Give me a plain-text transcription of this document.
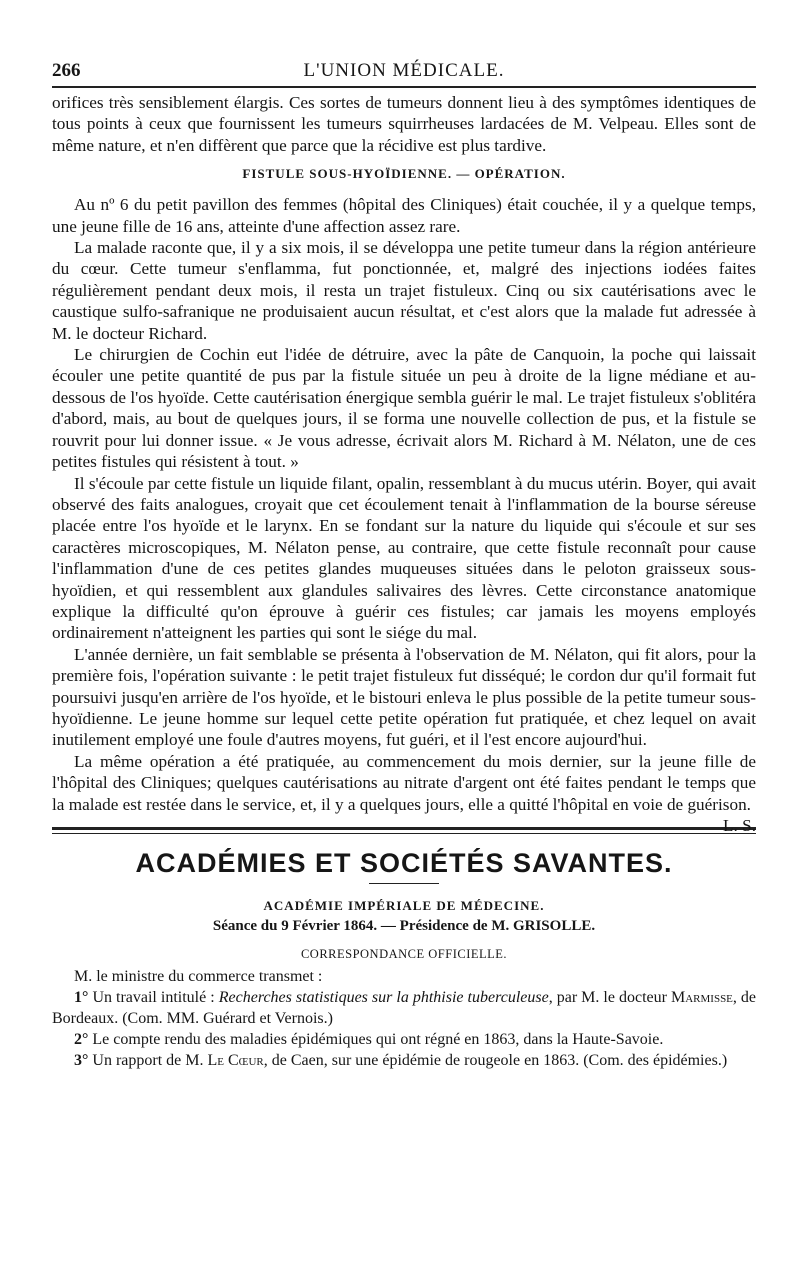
266	L'UNION MÉDICALE.

orifices très sensiblement élargis. Ces sortes de tumeurs donnent lieu à des symptômes identiques de tous points à ceux que fournissent les tumeurs squirrheuses lardacées de M. Velpeau. Elles sont de même nature, et n'en diffèrent que parce que la récidive est plus tardive.

FISTULE SOUS-HYOÏDIENNE. — OPÉRATION.

Au nº 6 du petit pavillon des femmes (hôpital des Cliniques) était couchée, il y a quelque temps, une jeune fille de 16 ans, atteinte d'une affection assez rare.

La malade raconte que, il y a six mois, il se développa une petite tumeur dans la région antérieure du cœur. Cette tumeur s'enflamma, fut ponctionnée, et, malgré des injections iodées faites régulièrement pendant deux mois, il resta un trajet fistuleux. Cinq ou six cautérisations avec le caustique sulfo-safranique ne produisaient aucun résultat, et c'est alors que la malade fut adressée à M. le docteur Richard.

Le chirurgien de Cochin eut l'idée de détruire, avec la pâte de Canquoin, la poche qui laissait écouler une petite quantité de pus par la fistule située un peu à droite de la ligne médiane et au-dessous de l'os hyoïde. Cette cautérisation énergique sembla guérir le mal. Le trajet fistuleux s'oblitéra d'abord, mais, au bout de quelques jours, il se forma une nouvelle collection de pus, et la fistule se rouvrit pour lui donner issue. « Je vous adresse, écrivait alors M. Richard à M. Nélaton, une de ces petites fistules qui résistent à tout. »

Il s'écoule par cette fistule un liquide filant, opalin, ressemblant à du mucus utérin. Boyer, qui avait observé des faits analogues, croyait que cet écoulement tenait à l'inflammation de la bourse séreuse placée entre l'os hyoïde et le larynx. En se fondant sur la nature du liquide qui s'écoule et sur ses caractères microscopiques, M. Nélaton pense, au contraire, que cette fistule reconnaît pour cause l'inflammation d'une de ces petites glandes muqueuses situées dans le peloton graisseux sous-hyoïdien, et qui ressemblent aux glandules salivaires des lèvres. Cette circonstance anatomique explique la difficulté qu'on éprouve à guérir ces fistules; car jamais les moyens employés ordinairement n'atteignent les parties qui sont le siége du mal.

L'année dernière, un fait semblable se présenta à l'observation de M. Nélaton, qui fit alors, pour la première fois, l'opération suivante : le petit trajet fistuleux fut disséqué; le cordon dur qu'il formait fut poursuivi jusqu'en arrière de l'os hyoïde, et le bistouri enleva le plus possible de la petite tumeur sous-hyoïdienne. Le jeune homme sur lequel cette petite opération fut pratiquée, et chez lequel on avait inutilement employé une foule d'autres moyens, fut guéri, et il l'est encore aujourd'hui.

La même opération a été pratiquée, au commencement du mois dernier, sur la jeune fille de l'hôpital des Cliniques; quelques cautérisations au nitrate d'argent ont été faites pendant le temps que la malade est restée dans le service, et, il y a quelques jours, elle a quitté l'hôpital en voie de guérison.
L. S.

ACADÉMIES ET SOCIÉTÉS SAVANTES.
ACADÉMIE IMPÉRIALE DE MÉDECINE.
Séance du 9 Février 1864. — Présidence de M. GRISOLLE.
CORRESPONDANCE OFFICIELLE.

M. le ministre du commerce transmet :

1° Un travail intitulé : Recherches statistiques sur la phthisie tuberculeuse, par M. le docteur Marmisse, de Bordeaux. (Com. MM. Guérard et Vernois.)

2° Le compte rendu des maladies épidémiques qui ont régné en 1863, dans la Haute-Savoie.

3° Un rapport de M. Le Cœur, de Caen, sur une épidémie de rougeole en 1863. (Com. des épidémies.)
